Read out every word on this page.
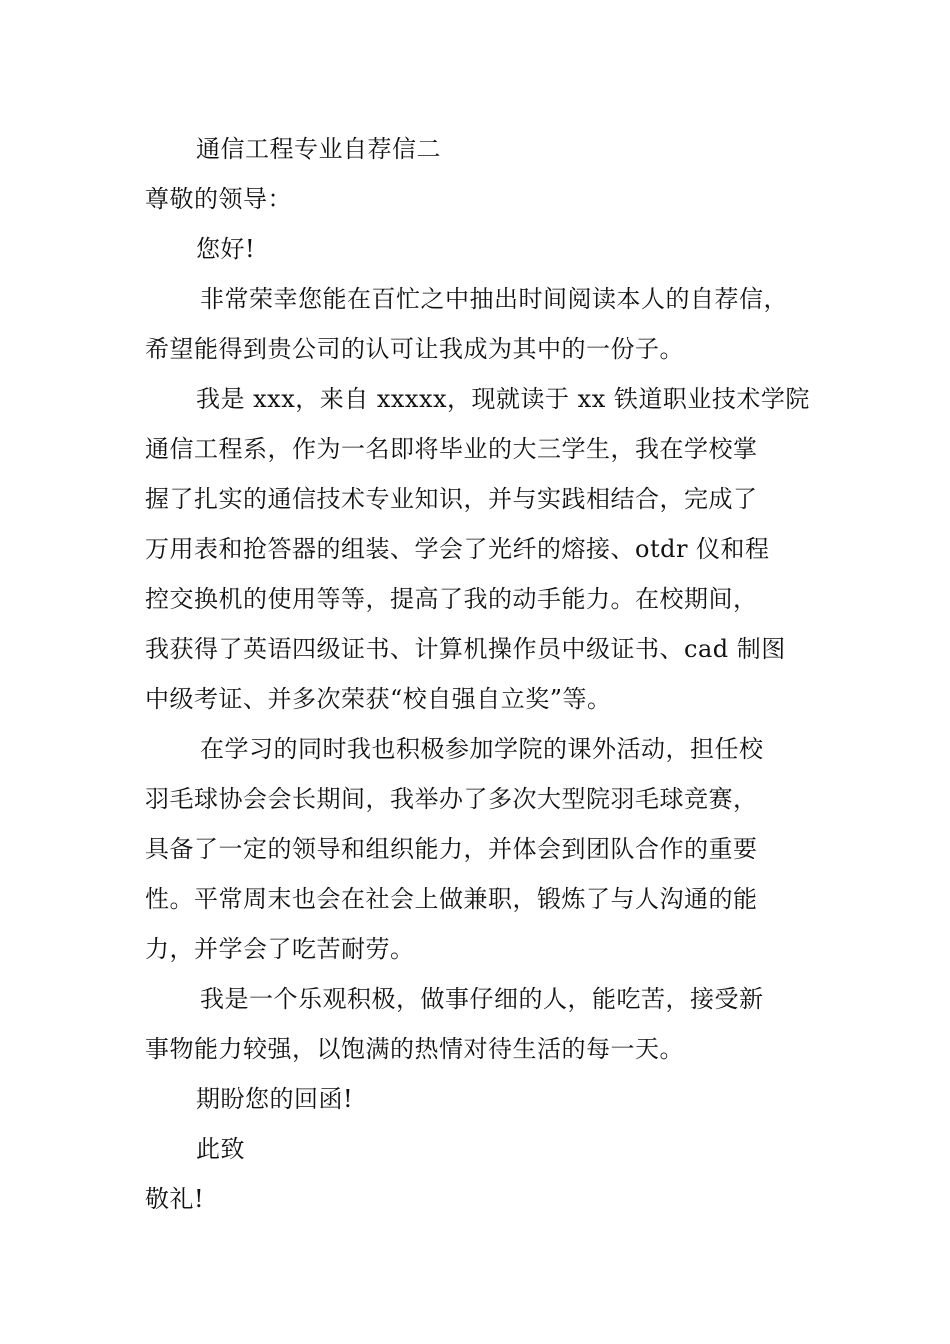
通信工程专业自荐信二
尊敬的领导：
您好!
非常荣幸您能在百忙之中抽出时间阅读本人的自荐信，
希望能得到贵公司的认可让我成为其中的一份子。
我是 xxx，来自 xxxxx，现就读于 xx 铁道职业技术学院
通信工程系，作为一名即将毕业的大三学生，我在学校掌
握了扎实的通信技术专业知识，并与实践相结合，完成了
万用表和抢答器的组装、学会了光纤的熔接、otdr 仪和程
控交换机的使用等等，提高了我的动手能力。在校期间，
我获得了英语四级证书、计算机操作员中级证书、cad 制图
中级考证、并多次荣获“校自强自立奖”等。
在学习的同时我也积极参加学院的课外活动，担任校
羽毛球协会会长期间，我举办了多次大型院羽毛球竞赛，
具备了一定的领导和组织能力，并体会到团队合作的重要
性。平常周末也会在社会上做兼职，锻炼了与人沟通的能
力，并学会了吃苦耐劳。
我是一个乐观积极，做事仔细的人，能吃苦，接受新
事物能力较强，以饱满的热情对待生活的每一天。
期盼您的回函!
此致
敬礼!
